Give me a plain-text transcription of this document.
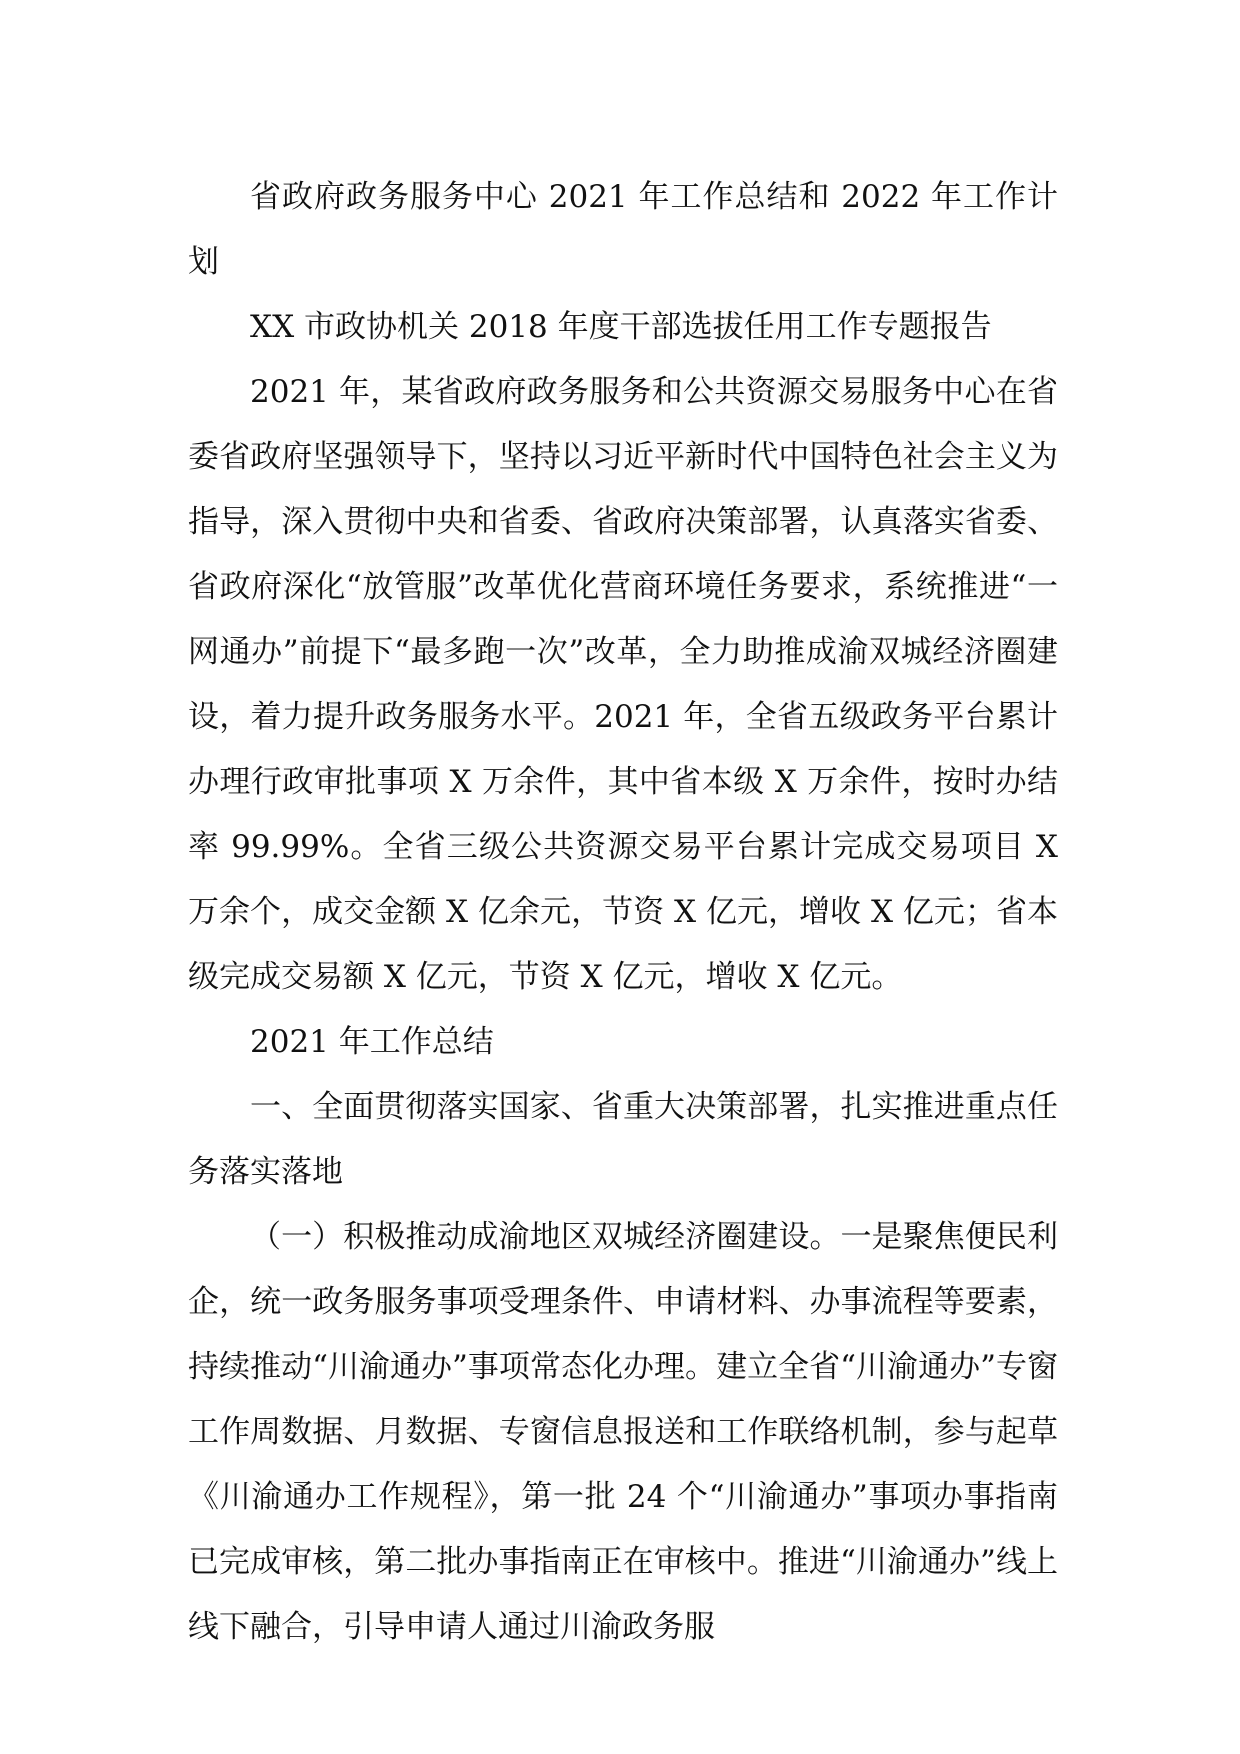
省政府政务服务中心 2021 年工作总结和 2022 年工作计划

XX 市政协机关 2018 年度干部选拔任用工作专题报告

2021 年，某省政府政务服务和公共资源交易服务中心在省委省政府坚强领导下，坚持以习近平新时代中国特色社会主义为指导，深入贯彻中央和省委、省政府决策部署，认真落实省委、省政府深化“放管服”改革优化营商环境任务要求，系统推进“一网通办”前提下“最多跑一次”改革，全力助推成渝双城经济圈建设，着力提升政务服务水平。2021 年，全省五级政务平台累计办理行政审批事项 X 万余件，其中省本级 X 万余件，按时办结率 99.99%。全省三级公共资源交易平台累计完成交易项目 X 万余个，成交金额 X 亿余元，节资 X 亿元，增收 X 亿元；省本级完成交易额 X 亿元，节资 X 亿元，增收 X 亿元。

2021 年工作总结

一、全面贯彻落实国家、省重大决策部署，扎实推进重点任务落实落地

（一）积极推动成渝地区双城经济圈建设。一是聚焦便民利企，统一政务服务事项受理条件、申请材料、办事流程等要素，持续推动“川渝通办”事项常态化办理。建立全省“川渝通办”专窗工作周数据、月数据、专窗信息报送和工作联络机制，参与起草《川渝通办工作规程》，第一批 24 个“川渝通办”事项办事指南已完成审核，第二批办事指南正在审核中。推进“川渝通办”线上线下融合，引导申请人通过川渝政务服
